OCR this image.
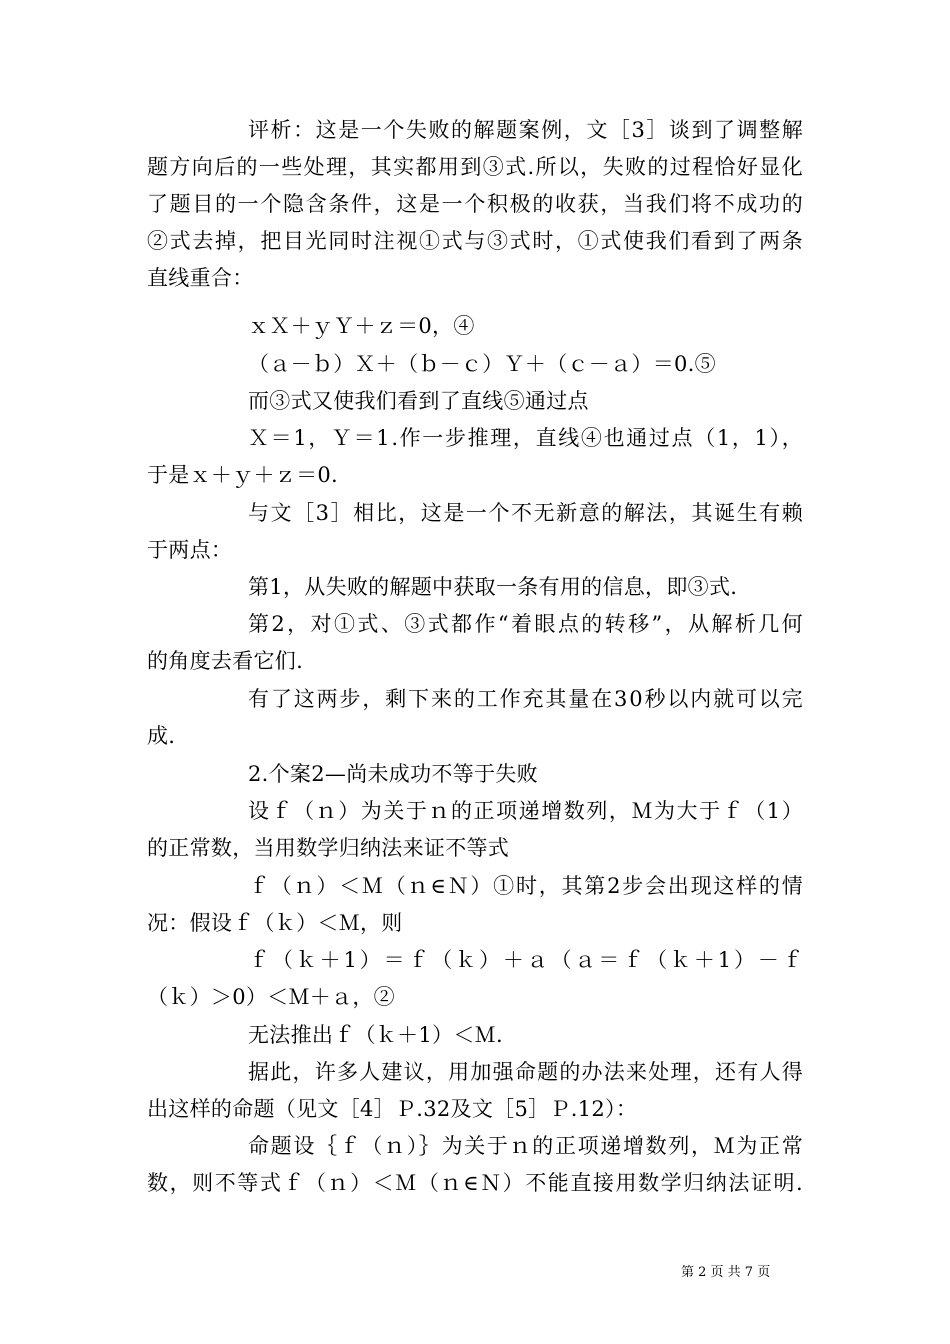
评析：这是一个失败的解题案例，文［3］谈到了调整解
题方向后的一些处理，其实都用到③式.所以，失败的过程恰好显化
了题目的一个隐含条件，这是一个积极的收获，当我们将不成功的
②式去掉，把目光同时注视①式与③式时，①式使我们看到了两条
直线重合：
ｘＸ＋ｙＹ＋ｚ＝0，④
（ａ－ｂ）Ｘ＋（ｂ－ｃ）Ｙ＋（ｃ－ａ）＝0.⑤
而③式又使我们看到了直线⑤通过点
Ｘ＝1，Ｙ＝1.作一步推理，直线④也通过点（1，1），
于是ｘ＋ｙ＋ｚ＝0.
与文［3］相比，这是一个不无新意的解法，其诞生有赖
于两点：
第1，从失败的解题中获取一条有用的信息，即③式.
第2，对①式、③式都作“着眼点的转移”，从解析几何
的角度去看它们.
有了这两步，剩下来的工作充其量在30秒以内就可以完
成.
2.个案2—尚未成功不等于失败
设ｆ（ｎ）为关于ｎ的正项递增数列，Ｍ为大于ｆ（1）
的正常数，当用数学归纳法来证不等式
ｆ（ｎ）＜Ｍ（ｎ∈Ｎ）①时，其第2步会出现这样的情
况：假设ｆ（ｋ）＜Ｍ，则
ｆ（ｋ＋1）＝ｆ（ｋ）＋ａ（ａ＝ｆ（ｋ＋1）－ｆ
（ｋ）＞0）＜Ｍ＋ａ，②
无法推出ｆ（ｋ＋1）＜Ｍ.
据此，许多人建议，用加强命题的办法来处理，还有人得
出这样的命题（见文［4］Ｐ.32及文［5］Ｐ.12）：
命题设｛ｆ（ｎ）｝为关于ｎ的正项递增数列，Ｍ为正常
数，则不等式ｆ（ｎ）＜Ｍ（ｎ∈Ｎ）不能直接用数学归纳法证明.
第 2 页 共 7 页
